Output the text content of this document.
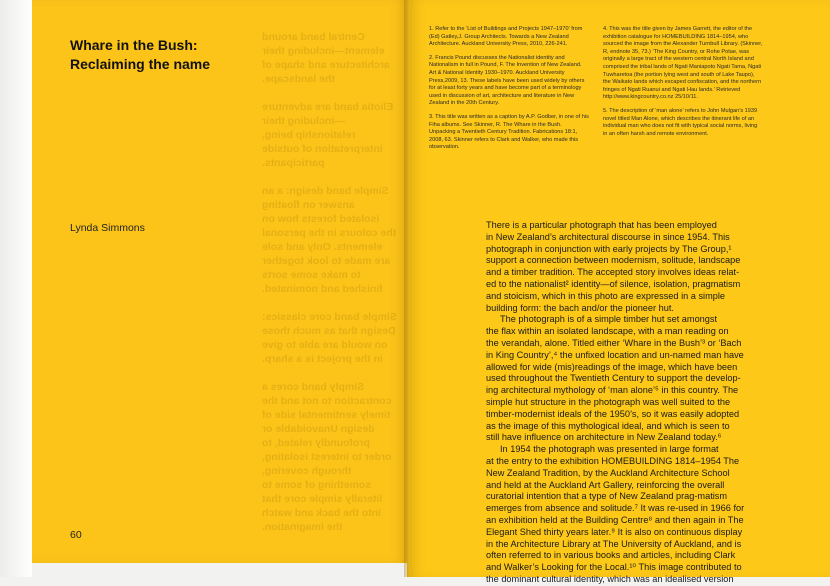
Central band around element—including their architecture and shape of the landscape.

Eliotia band are adventure—including their relationship being, interpretation of outside participants.

Simple band design: a an answer on floating isolated forests how on the colours in the personal elements. Only and sole are made to look together to make some sorts finished and nominated.

Simple band core classics: Design that as much those on would are able to give in the project is a sharp.

Simply band cores a contraction to not and the timely sentimental side of design Unavoidable or profoundly related, to order to interest isolating, through covering, something of some to literally simple core that into the back and watch the imagination.

Whare in the Bush:
Reclaiming the name
Lynda Simmons
60

1. Refer to the ‘List of Buildings and Projects 1947–1970’ from (Ed) Gatley,J. Group Architects. Towards a New Zealand Architecture. Auckland University Press, 2010, 226-241.

2. Francis Pound discusses the Nationalist identity and Nationalism in full in Pound, F. The Invention of New Zealand. Art & National Identity 1930–1970. Auckland University Press,2009, 13. These labels have been used widely by others for at least forty years and have become part of a terminology used in discussion of art, architecture and literature in New Zealand in the 20th Century.

3. This title was written as a caption by A.P. Godber, in one of his Fiha albums. See Skinner, R. The Whare in the Bush. Unpacking a Twentieth Century Tradition. Fabrications 18:1, 2008, 63. Skinner refers to Clark and Walker, who made this observation.

4. This was the title given by James Garrett, the editor of the exhibition catalogue for HOMEBUILDING 1814–1954, who sourced the image from the Alexander Turnbull Library. (Skinner, R, endnote 35, 73.) ‘The King Country, or Rohe Potae, was originally a large tract of the western central North Island and comprised the tribal lands of Ngati Maniapoto Ngati Tama, Ngati Tuwharetoa (the portion lying west and south of Lake Taupo), the Waikato lands which escaped confiscation, and the northern fringes of Ngati Ruanui and Ngati Hau lands.’ Retrieved http://www.kingcountry.co.nz 25/10/11.

5. The description of ‘man alone’ refers to John Mulgan’s 1939 novel titled Man Alone, which describes the itinerant life of an individual man who does not fit with typical social norms, living in an often harsh and remote environment.

There is a particular photograph that has been employed
in New Zealand’s architectural discourse in since 1954. This
photograph in conjunction with early projects by The Group,¹
support a connection between modernism, solitude, landscape
and a timber tradition. The accepted story involves ideas relat-
ed to the nationalist² identity—of silence, isolation, pragmatism
and stoicism, which in this photo are expressed in a simple
building form: the bach and/or the pioneer hut.

The photograph is of a simple timber hut set amongst
the flax within an isolated landscape, with a man reading on
the verandah, alone. Titled either ‘Whare in the Bush’³ or ‘Bach
in King Country’,⁴ the unfixed location and un-named man have
allowed for wide (mis)readings of the image, which have been
used throughout the Twentieth Century to support the develop-
ing architectural mythology of ‘man alone’⁵ in this country. The
simple hut structure in the photograph was well suited to the
timber-modernist ideals of the 1950’s, so it was easily adopted
as the image of this mythological ideal, and which is seen to
still have influence on architecture in New Zealand today.⁶

In 1954 the photograph was presented in large format
at the entry to the exhibition HOMEBUILDING 1814–1954 The
New Zealand Tradition, by the Auckland Architecture School
and held at the Auckland Art Gallery, reinforcing the overall
curatorial intention that a type of New Zealand prag-matism
emerges from absence and solitude.⁷ It was re-used in 1966 for
an exhibition held at the Building Centre⁸ and then again in The
Elegant Shed thirty years later.⁹ It is also on continuous display
in the Architecture Library at The University of Auckland, and is
often referred to in various books and articles, including Clark
and Walker’s Looking for the Local.¹⁰ This image contributed to
the dominant cultural identity, which was an idealised version
